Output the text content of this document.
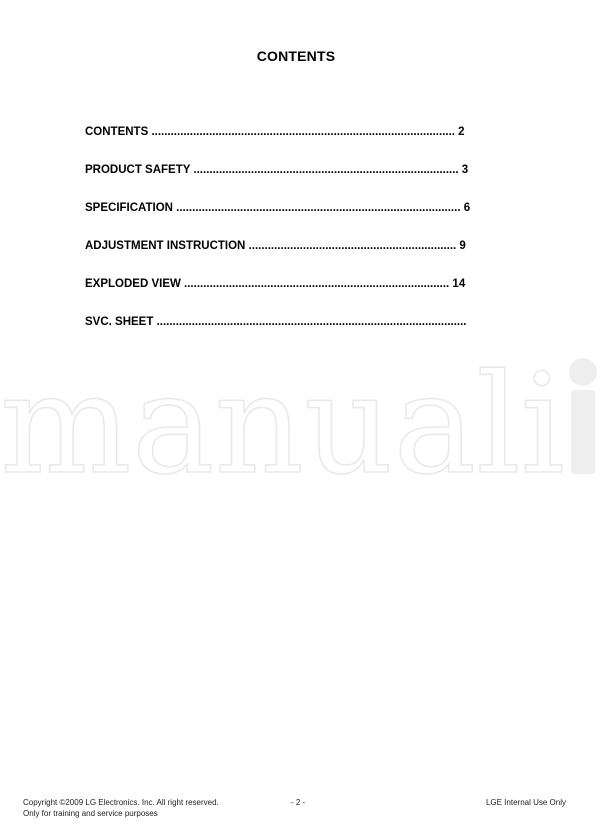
CONTENTS
CONTENTS ............................................................................................... 2
PRODUCT SAFETY ................................................................................... 3
SPECIFICATION ......................................................................................... 6
ADJUSTMENT INSTRUCTION ................................................................. 9
EXPLODED VIEW ................................................................................... 14
SVC. SHEET .................................................................................................
manuali
Copyright ©2009 LG Electronics. Inc. All right reserved.
Only for training and service purposes
- 2 -	LGE Internal Use Only
